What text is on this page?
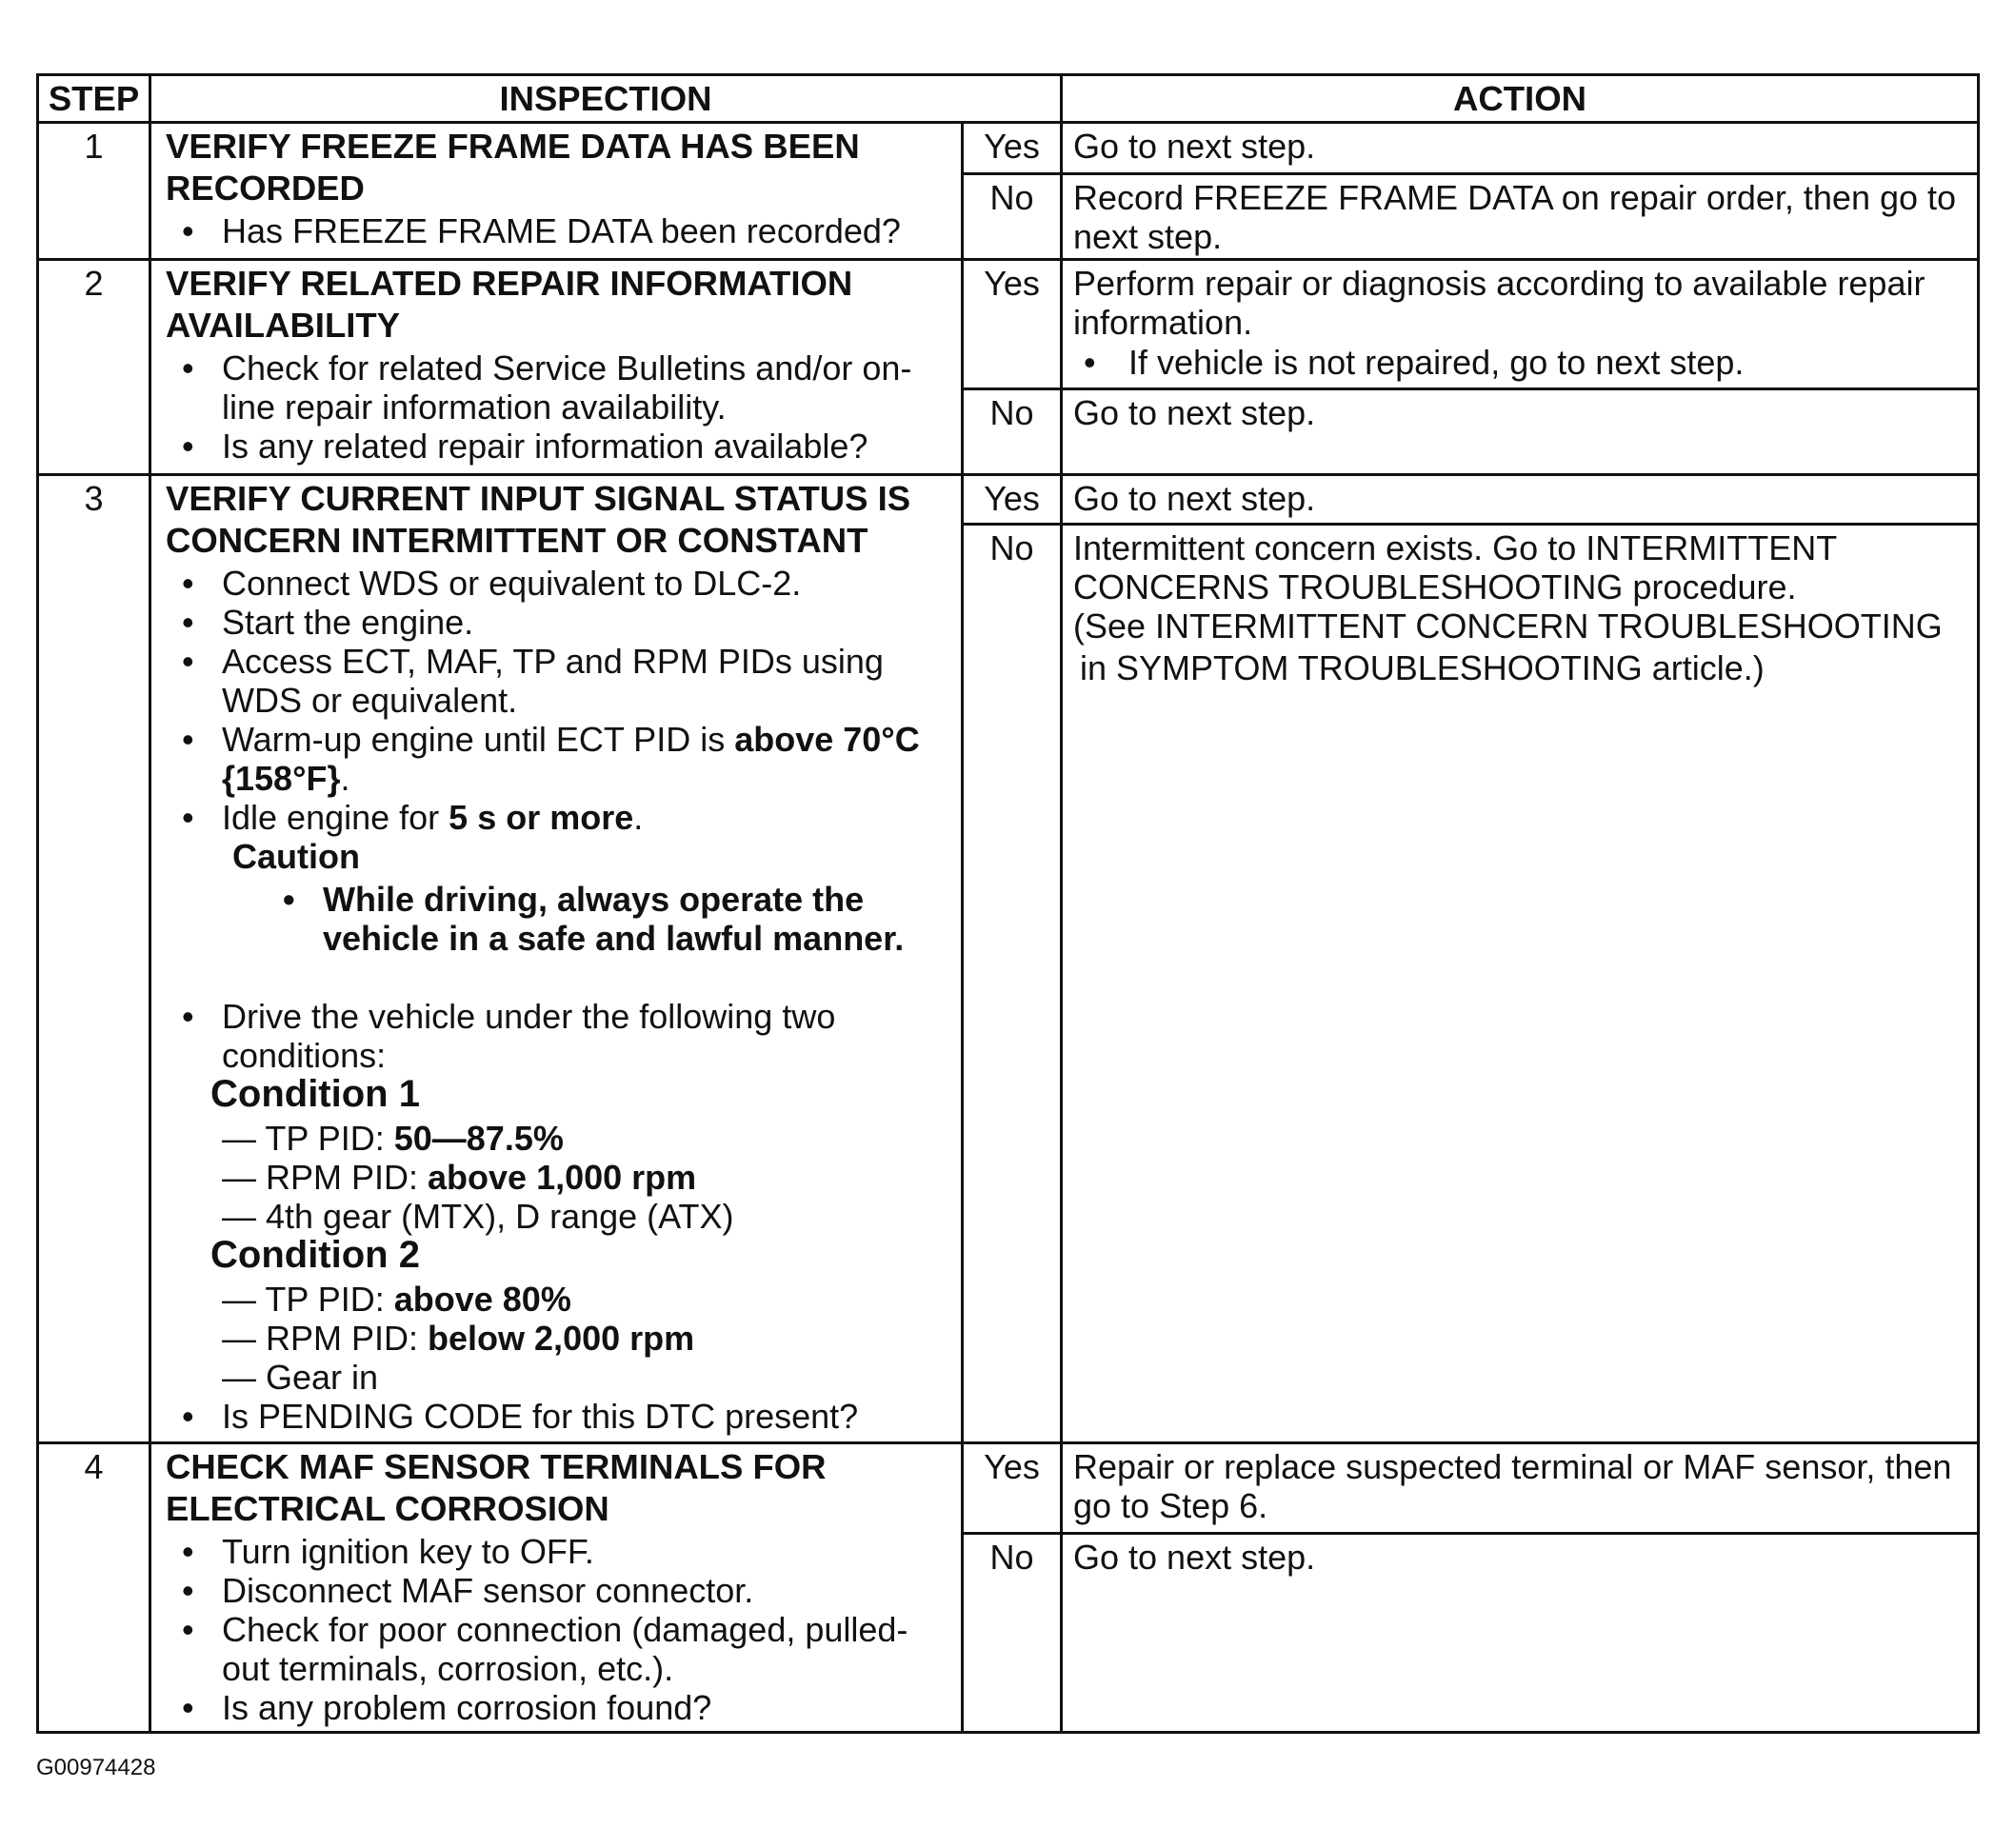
STEP	INSPECTION	ACTION
1	VERIFY FREEZE FRAME DATA HAS BEEN
RECORDED
•
Has FREEZE FRAME DATA been recorded?
Yes Go to next step.
No	Record FREEZE FRAME DATA on repair order, then go to
next step.
2	VERIFY RELATED REPAIR INFORMATION
AVAILABILITY
•
Check for related Service Bulletins and/or on-
line repair information availability.
•
Is any related repair information available?
Yes Perform repair or diagnosis according to available repair
information.
•
If vehicle is not repaired, go to next step.
No	Go to next step.
3	VERIFY CURRENT INPUT SIGNAL STATUS IS
CONCERN INTERMITTENT OR CONSTANT
•
Connect WDS or equivalent to DLC-2.
•
Start the engine.
•
Access ECT, MAF, TP and RPM PIDs using
WDS or equivalent.
•
Warm-up engine until ECT PID is above 70°C
{158°F}.
•
Idle engine for 5 s or more.
Caution
•
While driving, always operate the
vehicle in a safe and lawful manner.
•
Drive the vehicle under the following two
conditions:
Condition 1
— TP PID: 50—87.5%
— RPM PID: above 1,000 rpm
— 4th gear (MTX), D range (ATX)
Condition 2
— TP PID: above 80%
— RPM PID: below 2,000 rpm
— Gear in
•
Is PENDING CODE for this DTC present?
Yes Go to next step.
No	Intermittent concern exists. Go to INTERMITTENT
CONCERNS TROUBLESHOOTING procedure.
(See INTERMITTENT CONCERN TROUBLESHOOTING
in SYMPTOM TROUBLESHOOTING article.)
4	CHECK MAF SENSOR TERMINALS FOR
ELECTRICAL CORROSION
•
Turn ignition key to OFF.
•
Disconnect MAF sensor connector.
•
Check for poor connection (damaged, pulled-
out terminals, corrosion, etc.).
•
Is any problem corrosion found?
Yes Repair or replace suspected terminal or MAF sensor, then
go to Step 6.
No	Go to next step.
G00974428
